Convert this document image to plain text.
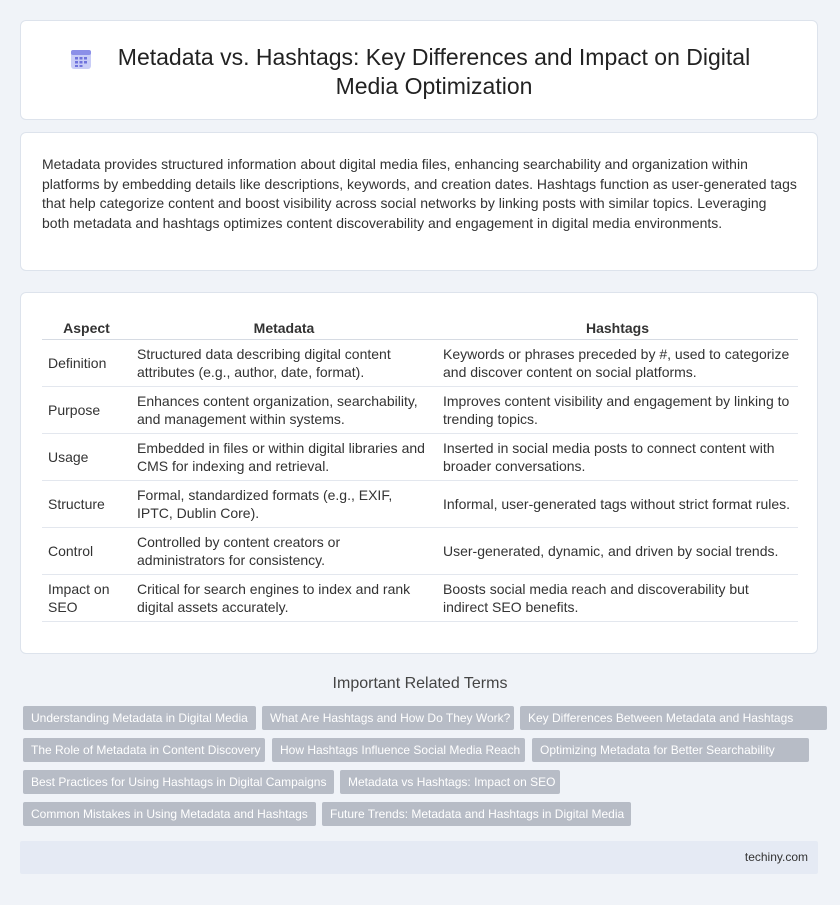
Metadata vs. Hashtags: Key Differences and Impact on Digital Media Optimization

Metadata provides structured information about digital media files, enhancing searchability and organization within platforms by embedding details like descriptions, keywords, and creation dates. Hashtags function as user-generated tags that help categorize content and boost visibility across social networks by linking posts with similar topics. Leveraging both metadata and hashtags optimizes content discoverability and engagement in digital media environments.

Aspect	Metadata	Hashtags
Definition	Structured data describing digital content attributes (e.g., author, date, format).	Keywords or phrases preceded by #, used to categorize and discover content on social platforms.
Purpose	Enhances content organization, searchability, and management within systems.	Improves content visibility and engagement by linking to trending topics.
Usage	Embedded in files or within digital libraries and CMS for indexing and retrieval.	Inserted in social media posts to connect content with broader conversations.
Structure	Formal, standardized formats (e.g., EXIF, IPTC, Dublin Core).	Informal, user-generated tags without strict format rules.
Control	Controlled by content creators or administrators for consistency.	User-generated, dynamic, and driven by social trends.
Impact on SEO	Critical for search engines to index and rank digital assets accurately.	Boosts social media reach and discoverability but indirect SEO benefits.
Important Related Terms
Understanding Metadata in Digital Media	What Are Hashtags and How Do They Work?	Key Differences Between Metadata and Hashtags
The Role of Metadata in Content Discovery	How Hashtags Influence Social Media Reach	Optimizing Metadata for Better Searchability
Best Practices for Using Hashtags in Digital Campaigns	Metadata vs Hashtags: Impact on SEO
Common Mistakes in Using Metadata and Hashtags	Future Trends: Metadata and Hashtags in Digital Media
techiny.com
